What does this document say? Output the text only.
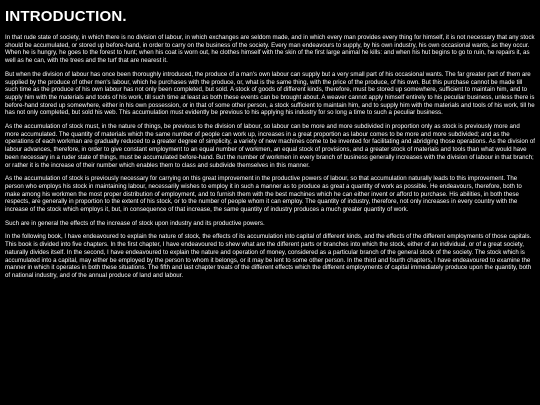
INTRODUCTION.

In that rude state of society, in which there is no division of labour, in which exchanges are seldom made, and in which every man provides every thing for himself, it is not necessary that any stock should be accumulated, or stored up before-hand, in order to carry on the business of the society. Every man endeavours to supply, by his own industry, his own occasional wants, as they occur. When he is hungry, he goes to the forest to hunt; when his coat is worn out, he clothes himself with the skin of the first large animal he kills: and when his hut begins to go to ruin, he repairs it, as well as he can, with the trees and the turf that are nearest it.

But when the division of labour has once been thoroughly introduced, the produce of a man's own labour can supply but a very small part of his occasional wants. The far greater part of them are supplied by the produce of other men's labour, which he purchases with the produce, or, what is the same thing, with the price of the produce, of his own. But this purchase cannot be made till such time as the produce of his own labour has not only been completed, but sold. A stock of goods of different kinds, therefore, must be stored up somewhere, sufficient to maintain him, and to supply him with the materials and tools of his work, till such time at least as both these events can be brought about. A weaver cannot apply himself entirely to his peculiar business, unless there is before-hand stored up somewhere, either in his own possession, or in that of some other person, a stock sufficient to maintain him, and to supply him with the materials and tools of his work, till he has not only completed, but sold his web. This accumulation must evidently be previous to his applying his industry for so long a time to such a peculiar business.

As the accumulation of stock must, in the nature of things, be previous to the division of labour, so labour can be more and more subdivided in proportion only as stock is previously more and more accumulated. The quantity of materials which the same number of people can work up, increases in a great proportion as labour comes to be more and more subdivided; and as the operations of each workman are gradually reduced to a greater degree of simplicity, a variety of new machines come to be invented for facilitating and abridging those operations. As the division of labour advances, therefore, in order to give constant employment to an equal number of workmen, an equal stock of provisions, and a greater stock of materials and tools than what would have been necessary in a ruder state of things, must be accumulated before-hand. But the number of workmen in every branch of business generally increases with the division of labour in that branch; or rather it is the increase of their number which enables them to class and subdivide themselves in this manner.

As the accumulation of stock is previously necessary for carrying on this great improvement in the productive powers of labour, so that accumulation naturally leads to this improvement. The person who employs his stock in maintaining labour, necessarily wishes to employ it in such a manner as to produce as great a quantity of work as possible. He endeavours, therefore, both to make among his workmen the most proper distribution of employment, and to furnish them with the best machines which he can either invent or afford to purchase. His abilities, in both these respects, are generally in proportion to the extent of his stock, or to the number of people whom it can employ. The quantity of industry, therefore, not only increases in every country with the increase of the stock which employs it, but, in consequence of that increase, the same quantity of industry produces a much greater quantity of work.

Such are in general the effects of the increase of stock upon industry and its productive powers.

In the following book, I have endeavoured to explain the nature of stock, the effects of its accumulation into capital of different kinds, and the effects of the different employments of those capitals. This book is divided into five chapters. In the first chapter, I have endeavoured to shew what are the different parts or branches into which the stock, either of an individual, or of a great society, naturally divides itself. In the second, I have endeavoured to explain the nature and operation of money, considered as a particular branch of the general stock of the society. The stock which is accumulated into a capital, may either be employed by the person to whom it belongs, or it may be lent to some other person. In the third and fourth chapters, I have endeavoured to examine the manner in which it operates in both these situations. The fifth and last chapter treats of the different effects which the different employments of capital immediately produce upon the quantity, both of national industry, and of the annual produce of land and labour.
